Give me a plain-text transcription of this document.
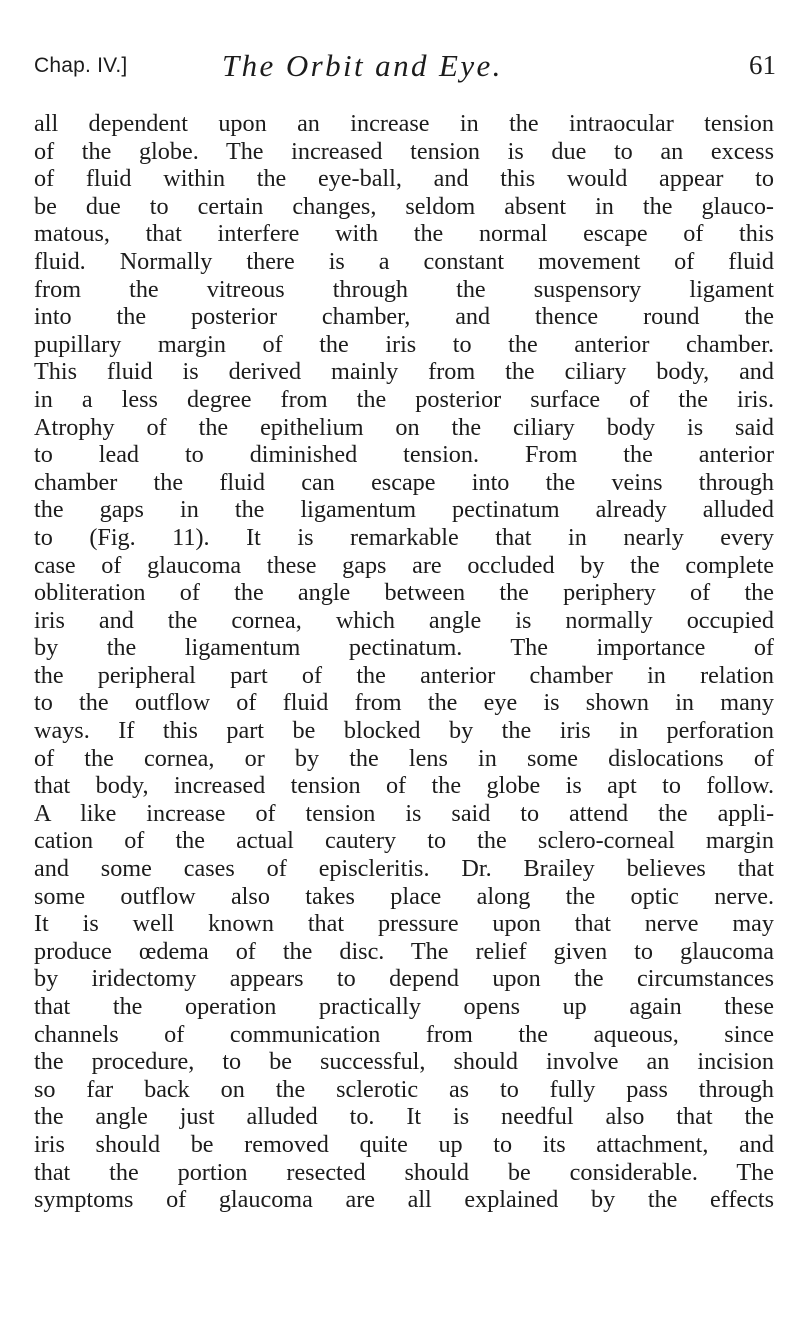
Chap. IV.]	The Orbit and Eye.	61
all dependent upon an increase in the intraocular tension
of the globe. The increased tension is due to an excess
of fluid within the eye-ball, and this would appear to
be due to certain changes, seldom absent in the glauco-
matous, that interfere with the normal escape of this
fluid. Normally there is a constant movement of fluid
from the vitreous through the suspensory ligament
into the posterior chamber, and thence round the
pupillary margin of the iris to the anterior chamber.
This fluid is derived mainly from the ciliary body, and
in a less degree from the posterior surface of the iris.
Atrophy of the epithelium on the ciliary body is said
to lead to diminished tension. From the anterior
chamber the fluid can escape into the veins through
the gaps in the ligamentum pectinatum already alluded
to (Fig. 11). It is remarkable that in nearly every
case of glaucoma these gaps are occluded by the complete
obliteration of the angle between the periphery of the
iris and the cornea, which angle is normally occupied
by the ligamentum pectinatum. The importance of
the peripheral part of the anterior chamber in relation
to the outflow of fluid from the eye is shown in many
ways. If this part be blocked by the iris in perforation
of the cornea, or by the lens in some dislocations of
that body, increased tension of the globe is apt to follow.
A like increase of tension is said to attend the appli-
cation of the actual cautery to the sclero-corneal margin
and some cases of episcleritis. Dr. Brailey believes that
some outflow also takes place along the optic nerve.
It is well known that pressure upon that nerve may
produce œdema of the disc. The relief given to glaucoma
by iridectomy appears to depend upon the circumstances
that the operation practically opens up again these
channels of communication from the aqueous, since
the procedure, to be successful, should involve an incision
so far back on the sclerotic as to fully pass through
the angle just alluded to. It is needful also that the
iris should be removed quite up to its attachment, and
that the portion resected should be considerable. The
symptoms of glaucoma are all explained by the effects
